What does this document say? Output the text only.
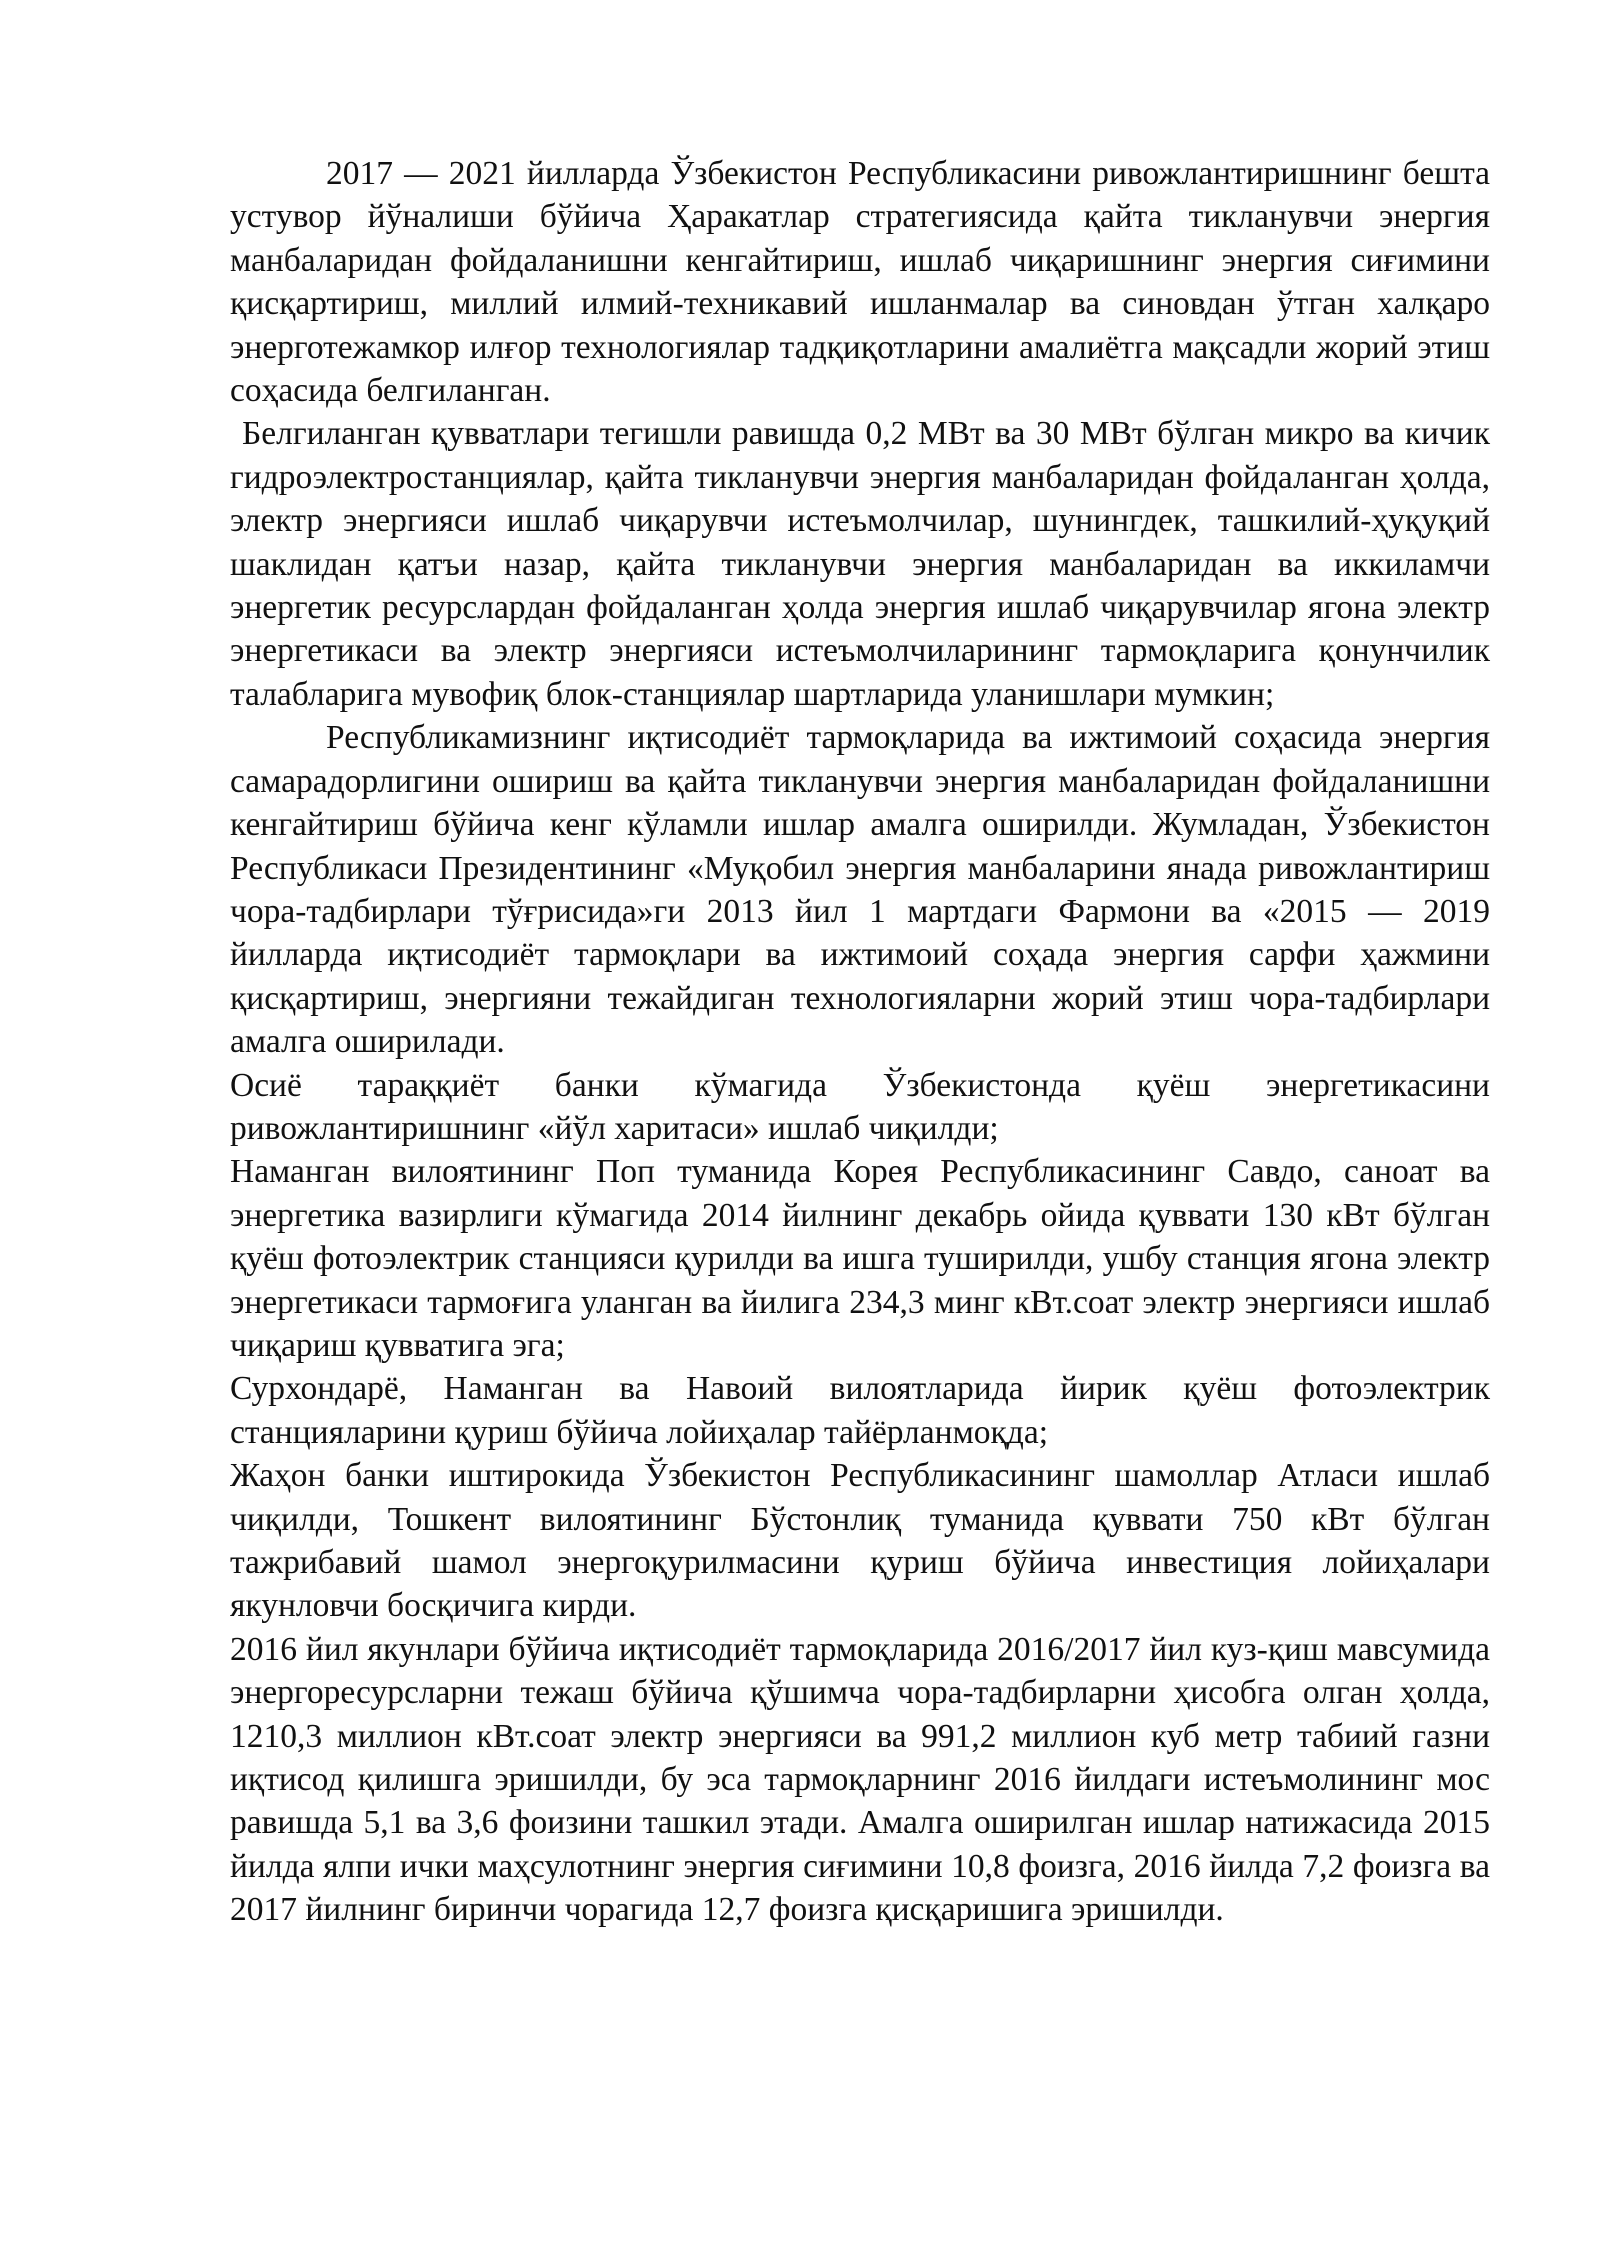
2017 — 2021 йилларда Ўзбекистон Республикасини ривожлантиришнинг бешта устувор йўналиши бўйича Ҳаракатлар стратегиясида қайта тикланувчи энергия манбаларидан фойдаланишни кенгайтириш, ишлаб чиқаришнинг энергия сиғимини қисқартириш, миллий илмий-техникавий ишланмалар ва синовдан ўтган халқаро энерготежамкор илғор технологиялар тадқиқотларини амалиётга мақсадли жорий этиш соҳасида белгиланган.

Белгиланган қувватлари тегишли равишда 0,2 МВт ва 30 МВт бўлган микро ва кичик гидроэлектростанциялар, қайта тикланувчи энергия манбаларидан фойдаланган ҳолда, электр энергияси ишлаб чиқарувчи истеъмолчилар, шунингдек, ташкилий-ҳуқуқий шаклидан қатъи назар, қайта тикланувчи энергия манбаларидан ва иккиламчи энергетик ресурслардан фойдаланган ҳолда энергия ишлаб чиқарувчилар ягона электр энергетикаси ва электр энергияси истеъмолчиларининг тармоқларига қонунчилик талабларига мувофиқ блок-станциялар шартларида уланишлари мумкин;

Республикамизнинг иқтисодиёт тармоқларида ва ижтимоий соҳасида энергия самарадорлигини ошириш ва қайта тикланувчи энергия манбаларидан фойдаланишни кенгайтириш бўйича кенг кўламли ишлар амалга оширилди. Жумладан, Ўзбекистон Республикаси Президентининг «Муқобил энергия манбаларини янада ривожлантириш чора-тадбирлари тўғрисида»ги 2013 йил 1 мартдаги Фармони ва «2015 — 2019 йилларда иқтисодиёт тармоқлари ва ижтимоий соҳада энергия сарфи ҳажмини қисқартириш, энергияни тежайдиган технологияларни жорий этиш чора-тадбирлари амалга оширилади.

Осиё тараққиёт банки кўмагида Ўзбекистонда қуёш энергетикасини ривожлантиришнинг «йўл харитаси» ишлаб чиқилди;

Наманган вилоятининг Поп туманида Корея Республикасининг Савдо, саноат ва энергетика вазирлиги кўмагида 2014 йилнинг декабрь ойида қуввати 130 кВт бўлган қуёш фотоэлектрик станцияси қурилди ва ишга туширилди, ушбу станция ягона электр энергетикаси тармоғига уланган ва йилига 234,3 минг кВт.соат электр энергияси ишлаб чиқариш қувватига эга;

Сурхондарё, Наманган ва Навоий вилоятларида йирик қуёш фотоэлектрик станцияларини қуриш бўйича лойиҳалар тайёрланмоқда;

Жаҳон банки иштирокида Ўзбекистон Республикасининг шамоллар Атласи ишлаб чиқилди, Тошкент вилоятининг Бўстонлиқ туманида қуввати 750 кВт бўлган тажрибавий шамол энергоқурилмасини қуриш бўйича инвестиция лойиҳалари якунловчи босқичига кирди.

2016 йил якунлари бўйича иқтисодиёт тармоқларида 2016/2017 йил куз-қиш мавсумида энергоресурсларни тежаш бўйича қўшимча чора-тадбирларни ҳисобга олган ҳолда, 1210,3 миллион кВт.соат электр энергияси ва 991,2 миллион куб метр табиий газни иқтисод қилишга эришилди, бу эса тармоқларнинг 2016 йилдаги истеъмолининг мос равишда 5,1 ва 3,6 фоизини ташкил этади. Амалга оширилган ишлар натижасида 2015 йилда ялпи ички маҳсулотнинг энергия сиғимини 10,8 фоизга, 2016 йилда 7,2 фоизга ва 2017 йилнинг биринчи чорагида 12,7 фоизга қисқаришига эришилди.
